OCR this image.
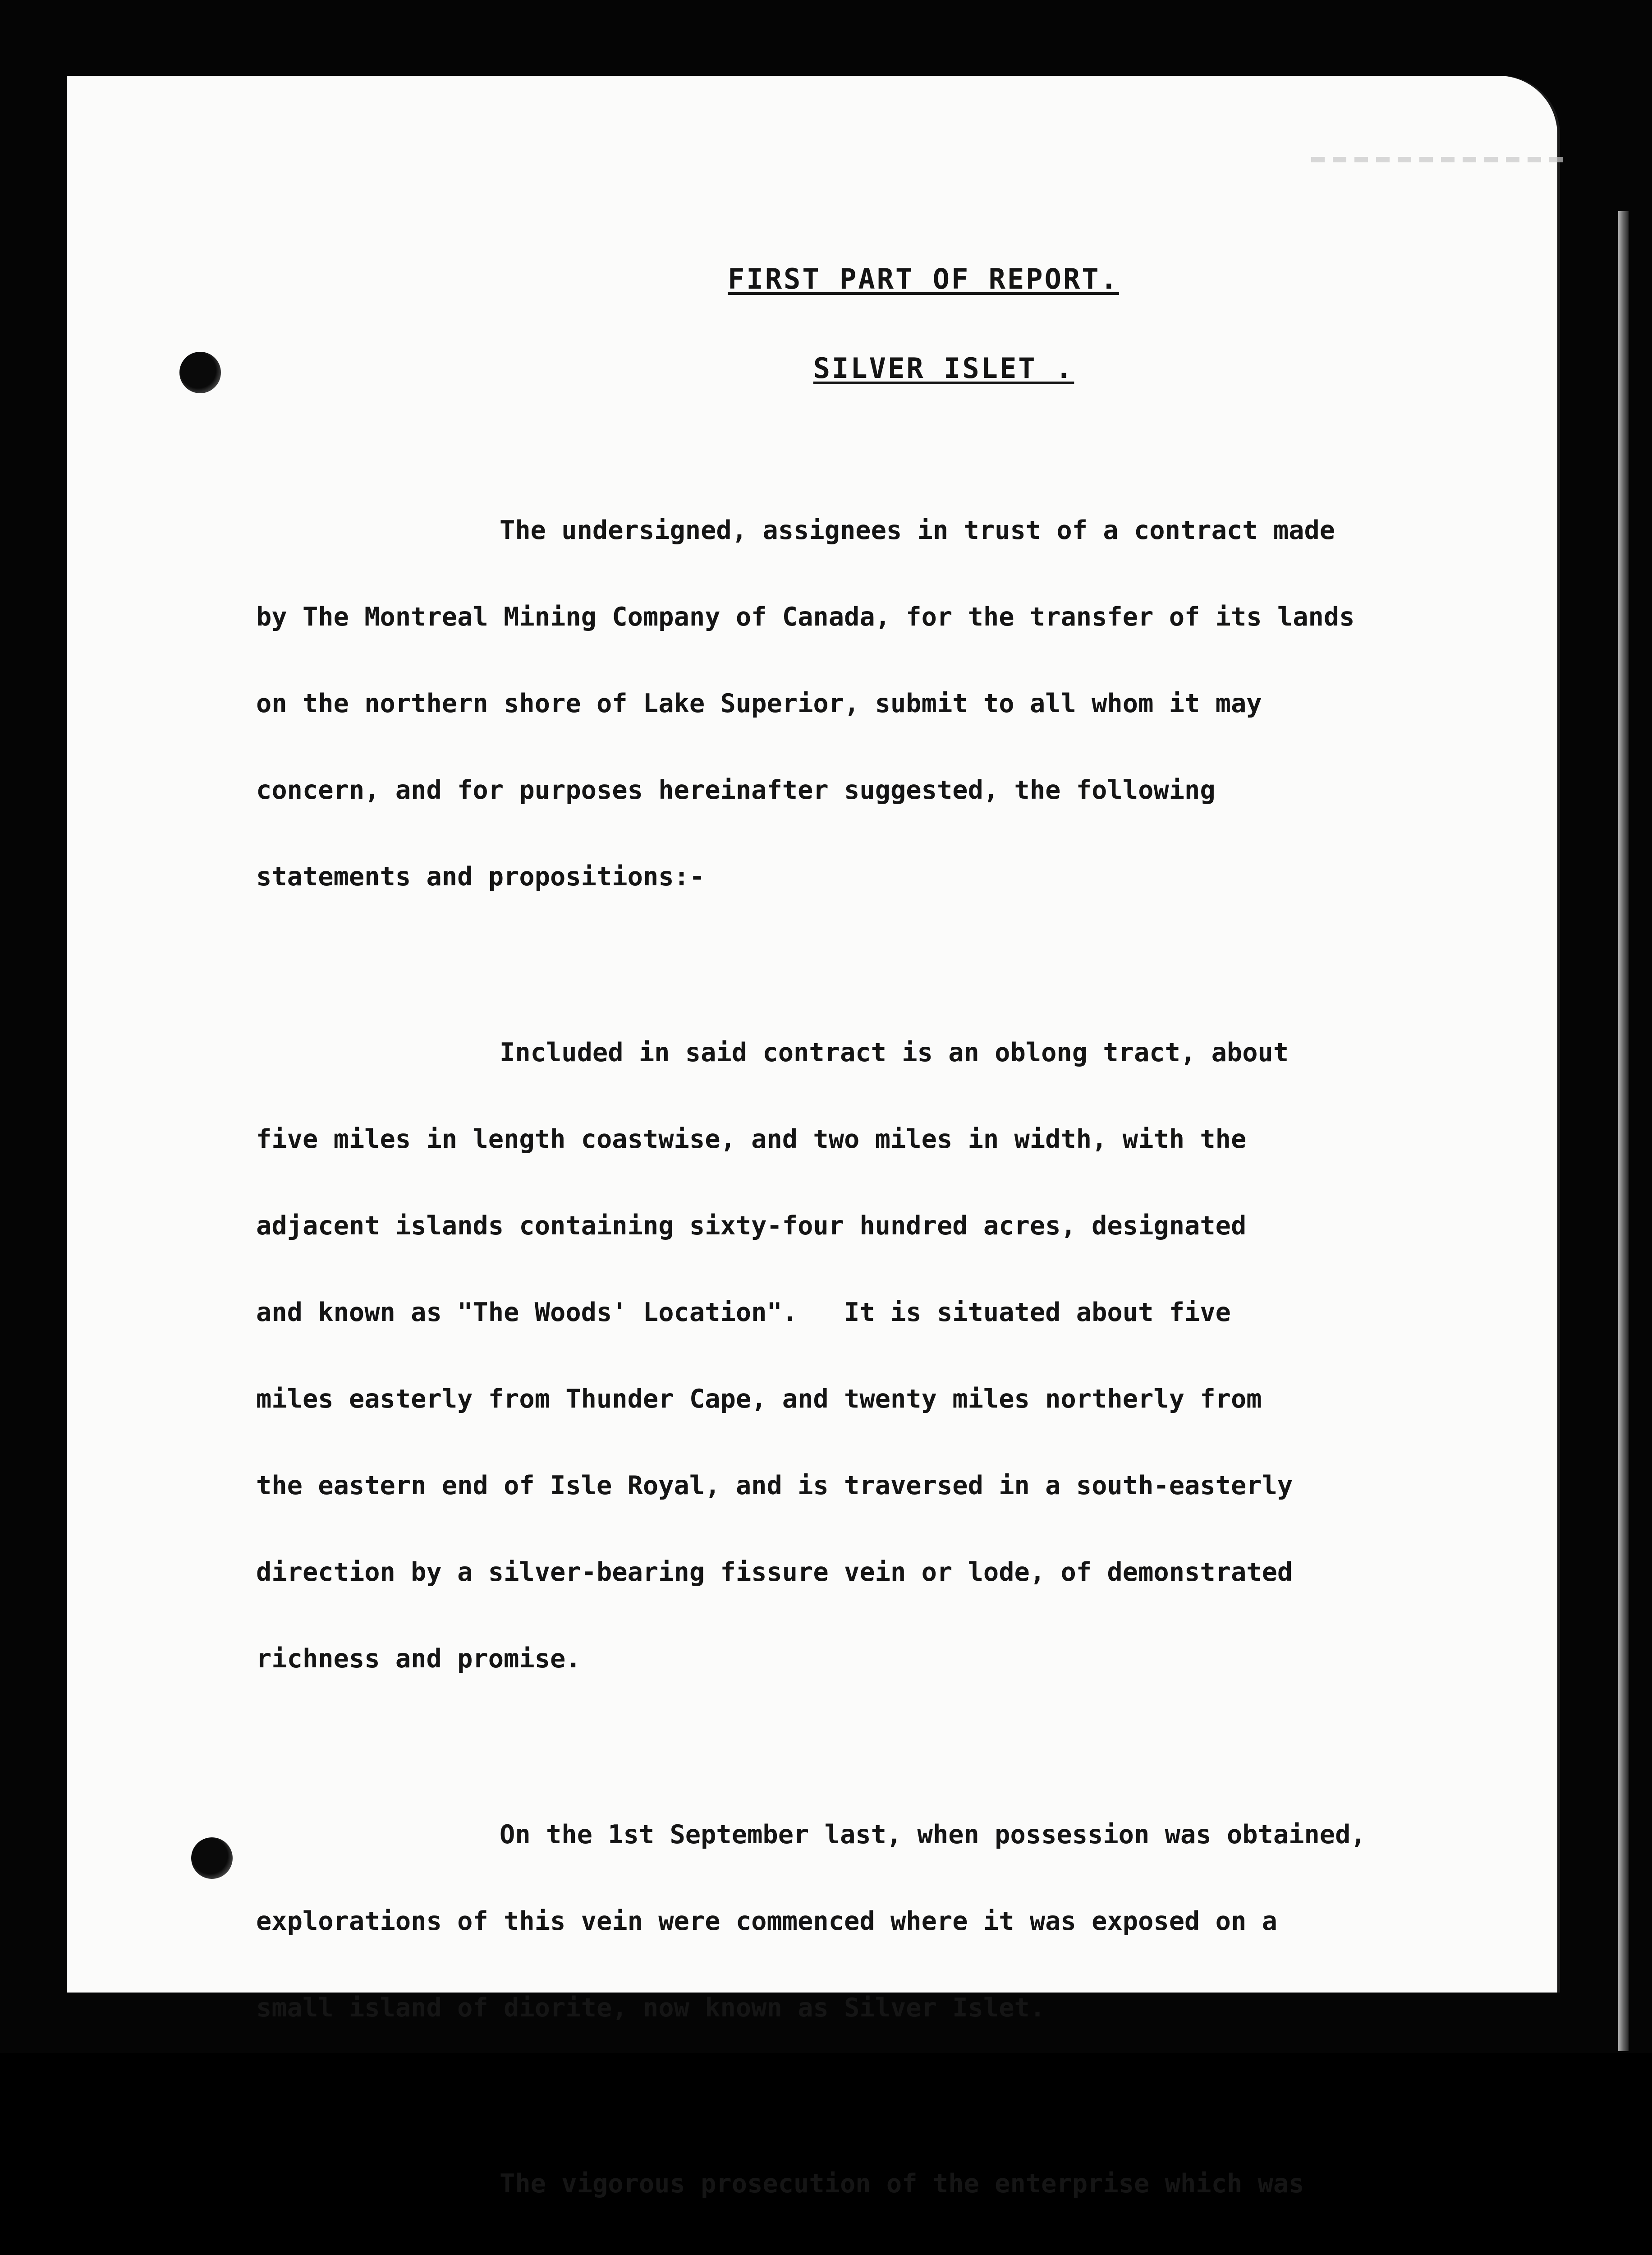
FIRST PART OF REPORT.
SILVER ISLET .

The undersigned, assignees in trust of a contract made

by The Montreal Mining Company of Canada, for the transfer of its lands

on the northern shore of Lake Superior, submit to all whom it may

concern, and for purposes hereinafter suggested, the following

statements and propositions:-

Included in said contract is an oblong tract, about

five miles in length coastwise, and two miles in width, with the

adjacent islands containing sixty-four hundred acres, designated

and known as "The Woods' Location".   It is situated about five

miles easterly from Thunder Cape, and twenty miles northerly from

the eastern end of Isle Royal, and is traversed in a south-easterly

direction by a silver-bearing fissure vein or lode, of demonstrated

richness and promise.

On the 1st September last, when possession was obtained,

explorations of this vein were commenced where it was exposed on a

small island of diorite, now known as Silver Islet.

The vigorous prosecution of the enterprise which was
